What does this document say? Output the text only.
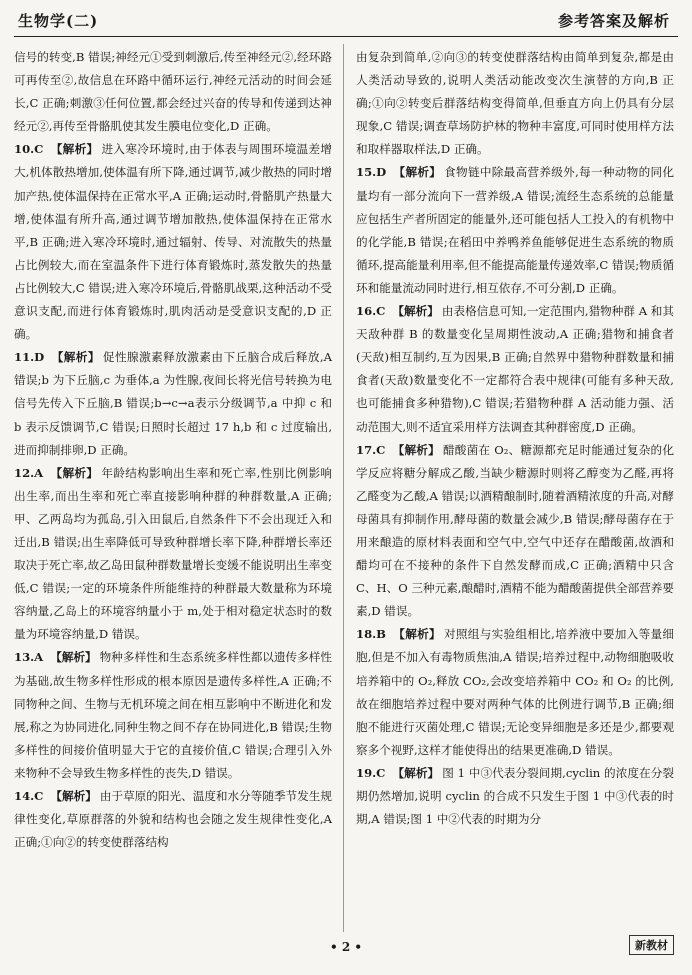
生物学(二)	参考答案及解析

信号的转变,B 错误;神经元①受到刺激后,传至神经元②,经环路可再传至②,故信息在环路中循环运行,神经元活动的时间会延长,C 正确;刺激③任何位置,都会经过兴奋的传导和传递到达神经元②,再传至骨骼肌使其发生膜电位变化,D 正确。

10.C 【解析】 进入寒冷环境时,由于体表与周围环境温差增大,机体散热增加,使体温有所下降,通过调节,减少散热的同时增加产热,使体温保持在正常水平,A 正确;运动时,骨骼肌产热量大增,使体温有所升高,通过调节增加散热,使体温保持在正常水平,B 正确;进入寒冷环境时,通过辐射、传导、对流散失的热量占比例较大,而在室温条件下进行体育锻炼时,蒸发散失的热量占比例较大,C 错误;进入寒冷环境后,骨骼肌战栗,这种活动不受意识支配,而进行体育锻炼时,肌肉活动是受意识支配的,D 正确。

11.D 【解析】 促性腺激素释放激素由下丘脑合成后释放,A 错误;b 为下丘脑,c 为垂体,a 为性腺,夜间长将光信号转换为电信号先传入下丘脑,B 错误;b→c→a表示分级调节,a 中抑 c 和 b 表示反馈调节,C 错误;日照时长超过 17 h,b 和 c 过度输出,进而抑制排卵,D 正确。

12.A 【解析】 年龄结构影响出生率和死亡率,性别比例影响出生率,而出生率和死亡率直接影响种群的种群数量,A 正确;甲、乙两岛均为孤岛,引入田鼠后,自然条件下不会出现迁入和迁出,B 错误;出生率降低可导致种群增长率下降,种群增长率还取决于死亡率,故乙岛田鼠种群数量增长变缓不能说明出生率变低,C 错误;一定的环境条件所能维持的种群最大数量称为环境容纳量,乙岛上的环境容纳量小于 m,处于相对稳定状态时的数量为环境容纳量,D 错误。

13.A 【解析】 物种多样性和生态系统多样性都以遗传多样性为基础,故生物多样性形成的根本原因是遗传多样性,A 正确;不同物种之间、生物与无机环境之间在相互影响中不断进化和发展,称之为协同进化,同种生物之间不存在协同进化,B 错误;生物多样性的间接价值明显大于它的直接价值,C 错误;合理引入外来物种不会导致生物多样性的丧失,D 错误。

14.C 【解析】 由于草原的阳光、温度和水分等随季节发生规律性变化,草原群落的外貌和结构也会随之发生规律性变化,A 正确;①向②的转变使群落结构

由复杂到简单,②向③的转变使群落结构由简单到复杂,都是由人类活动导致的,说明人类活动能改变次生演替的方向,B 正确;①向②转变后群落结构变得简单,但垂直方向上仍具有分层现象,C 错误;调查草场防护林的物种丰富度,可同时使用样方法和取样器取样法,D 正确。

15.D 【解析】 食物链中除最高营养级外,每一种动物的同化量均有一部分流向下一营养级,A 错误;流经生态系统的总能量应包括生产者所固定的能量外,还可能包括人工投入的有机物中的化学能,B 错误;在稻田中养鸭养鱼能够促进生态系统的物质循环,提高能量利用率,但不能提高能量传递效率,C 错误;物质循环和能量流动同时进行,相互依存,不可分割,D 正确。

16.C 【解析】 由表格信息可知,一定范围内,猎物种群 A 和其天敌种群 B 的数量变化呈周期性波动,A 正确;猎物和捕食者(天敌)相互制约,互为因果,B 正确;自然界中猎物种群数量和捕食者(天敌)数量变化不一定都符合表中规律(可能有多种天敌,也可能捕食多种猎物),C 错误;若猎物种群 A 活动能力强、活动范围大,则不适宜采用样方法调查其种群密度,D 正确。

17.C 【解析】 醋酸菌在 O₂、糖源都充足时能通过复杂的化学反应将糖分解成乙酸,当缺少糖源时则将乙醇变为乙醛,再将乙醛变为乙酸,A 错误;以酒精酿制时,随着酒精浓度的升高,对酵母菌具有抑制作用,酵母菌的数量会减少,B 错误;酵母菌存在于用来酿造的原材料表面和空气中,空气中还存在醋酸菌,故酒和醋均可在不接种的条件下自然发酵而成,C 正确;酒精中只含 C、H、O 三种元素,酿醋时,酒精不能为醋酸菌提供全部营养要素,D 错误。

18.B 【解析】 对照组与实验组相比,培养液中要加入等量细胞,但是不加入有毒物质焦油,A 错误;培养过程中,动物细胞吸收培养箱中的 O₂,释放 CO₂,会改变培养箱中 CO₂ 和 O₂ 的比例,故在细胞培养过程中要对两种气体的比例进行调节,B 正确;细胞不能进行灭菌处理,C 错误;无论变异细胞是多还是少,都要观察多个视野,这样才能使得出的结果更准确,D 错误。

19.C 【解析】 图 1 中③代表分裂间期,cyclin 的浓度在分裂期仍然增加,说明 cyclin 的合成不只发生于图 1 中③代表的时期,A 错误;图 1 中②代表的时期为分

• 2 •	新教材
